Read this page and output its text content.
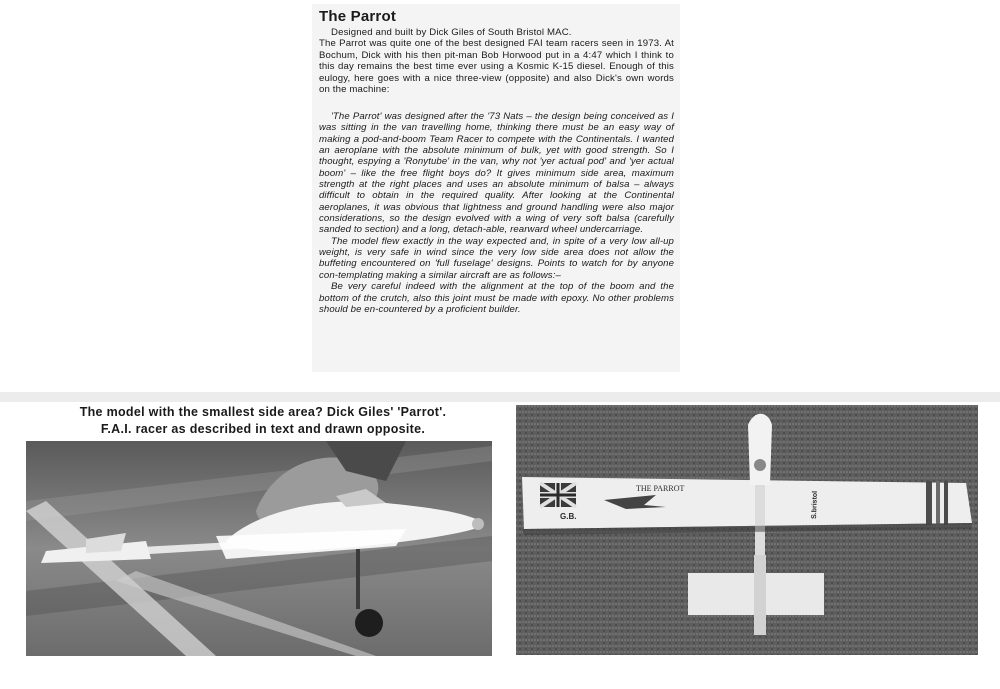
The Parrot

Designed and built by Dick Giles of South Bristol MAC.

The Parrot was quite one of the best designed FAI team racers seen in 1973. At Bochum, Dick with his then pit-man Bob Horwood put in a 4:47 which I think to this day remains the best time ever using a Kosmic K-15 diesel. Enough of this eulogy, here goes with a nice three-view (opposite) and also Dick's own words on the machine:

'The Parrot' was designed after the '73 Nats – the design being conceived as I was sitting in the van travelling home, thinking there must be an easy way of making a pod-and-boom Team Racer to compete with the Continentals. I wanted an aeroplane with the absolute minimum of bulk, yet with good strength. So I thought, espying a 'Ronytube' in the van, why not 'yer actual pod' and 'yer actual boom' – like the free flight boys do? It gives minimum side area, maximum strength at the right places and uses an absolute minimum of balsa – always difficult to obtain in the required quality. After looking at the Continental aeroplanes, it was obvious that lightness and ground handling were also major considerations, so the design evolved with a wing of very soft balsa (carefully sanded to section) and a long, detach-able, rearward wheel undercarriage.

The model flew exactly in the way expected and, in spite of a very low all-up weight, is very safe in wind since the very low side area does not allow the buffeting encountered on 'full fuselage' designs. Points to watch for by anyone con-templating making a similar aircraft are as follows:–

Be very careful indeed with the alignment at the top of the boom and the bottom of the crutch, also this joint must be made with epoxy. No other problems should be en-countered by a proficient builder.

The model with the smallest side area? Dick Giles' 'Parrot'.
F.A.I. racer as described in text and drawn opposite.
G.B.
THE PARROT
S.bristol
